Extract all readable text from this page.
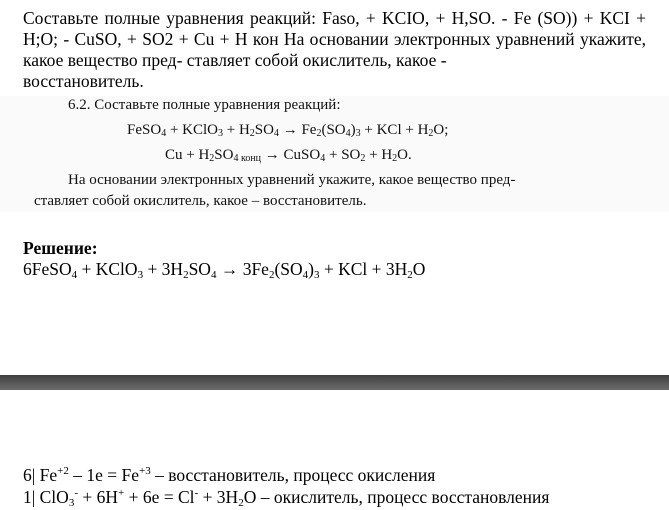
Составьте полные уравнения реакций: Faso, + KCIO, + H,SO. - Fe (SO)) + KCI + H;O; - CuSO, + SO2 + Cu + H кон На основании электронных уравнений укажите, какое вещество пред- ставляет собой окислитель, какое -
восстановитель.
6.2. Составьте полные уравнения реакций:
FeSO$_4$ + KClO$_3$ + $H_2SO_4 \to Fe_2(SO_4)_3$ + KCl + $H_2O$;
$Cu + H_2SO_{4 конц}$ → CuSO$_4$ + $SO_2 + H_2O$.
На основании электронных уравнений укажите, какое вещество пред-
ставляет собой окислитель, какое – восстановитель.
Решение:
6FeSO4 + KClO3 + 3H2SO4 → 3Fe2(SO4)3 + KCl + 3H2O
6| $Fe^{+2} - 1e = Fe^{+3}$ – восстановитель, процесс окисления
1| ClO3- + 6H+ + 6e = Cl- + 3H2O – окислитель, процесс восстановления
